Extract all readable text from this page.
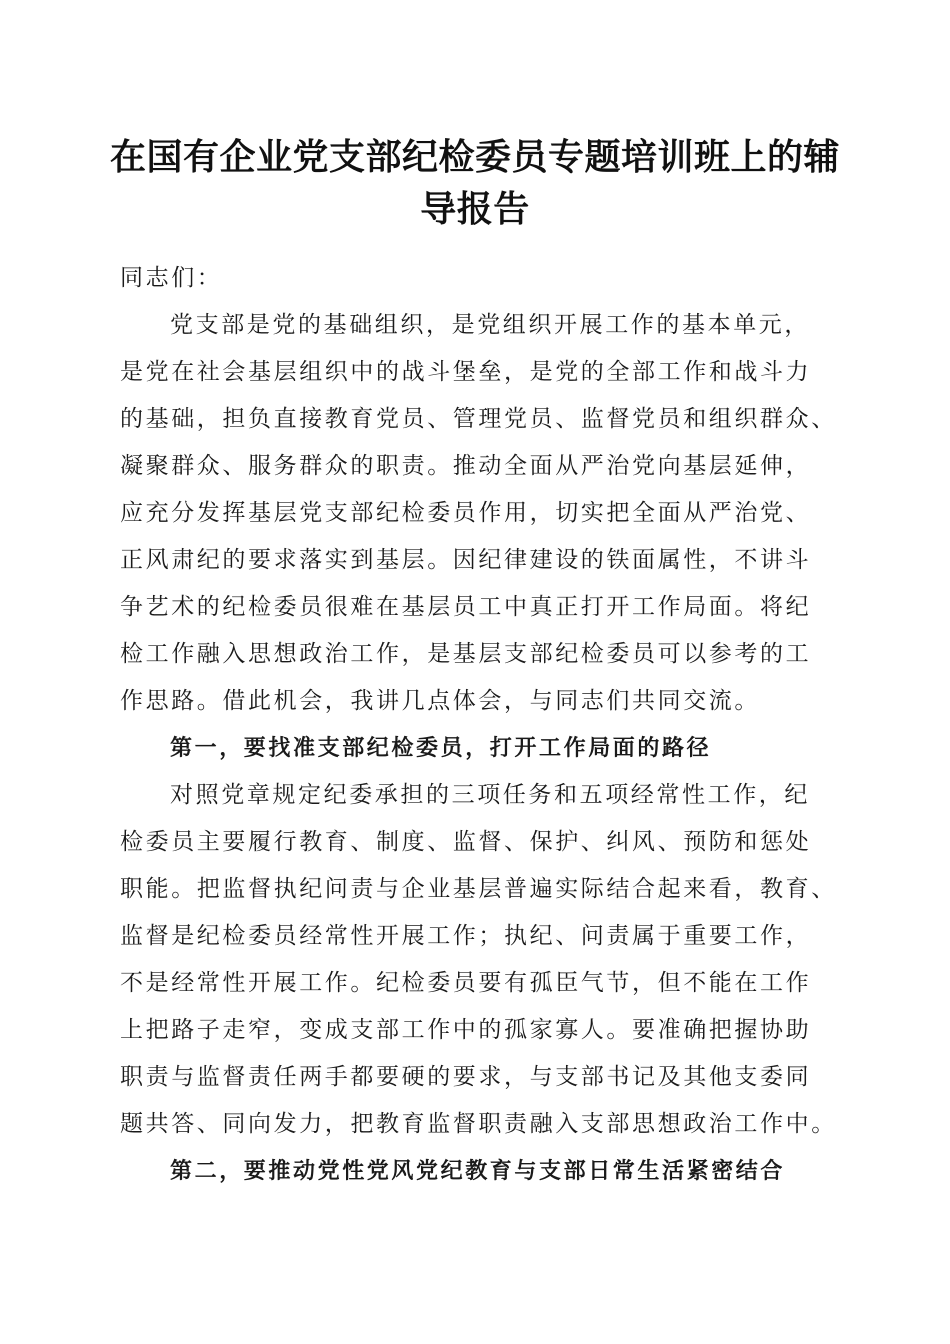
在国有企业党支部纪检委员专题培训班上的辅
导报告
同志们：
党支部是党的基础组织，是党组织开展工作的基本单元，
是党在社会基层组织中的战斗堡垒，是党的全部工作和战斗力
的基础，担负直接教育党员、管理党员、监督党员和组织群众、
凝聚群众、服务群众的职责。推动全面从严治党向基层延伸，
应充分发挥基层党支部纪检委员作用，切实把全面从严治党、
正风肃纪的要求落实到基层。因纪律建设的铁面属性，不讲斗
争艺术的纪检委员很难在基层员工中真正打开工作局面。将纪
检工作融入思想政治工作，是基层支部纪检委员可以参考的工
作思路。借此机会，我讲几点体会，与同志们共同交流。
第一，要找准支部纪检委员，打开工作局面的路径
对照党章规定纪委承担的三项任务和五项经常性工作，纪
检委员主要履行教育、制度、监督、保护、纠风、预防和惩处
职能。把监督执纪问责与企业基层普遍实际结合起来看，教育、
监督是纪检委员经常性开展工作；执纪、问责属于重要工作，
不是经常性开展工作。纪检委员要有孤臣气节，但不能在工作
上把路子走窄，变成支部工作中的孤家寡人。要准确把握协助
职责与监督责任两手都要硬的要求，与支部书记及其他支委同
题共答、同向发力，把教育监督职责融入支部思想政治工作中。
第二，要推动党性党风党纪教育与支部日常生活紧密结合
